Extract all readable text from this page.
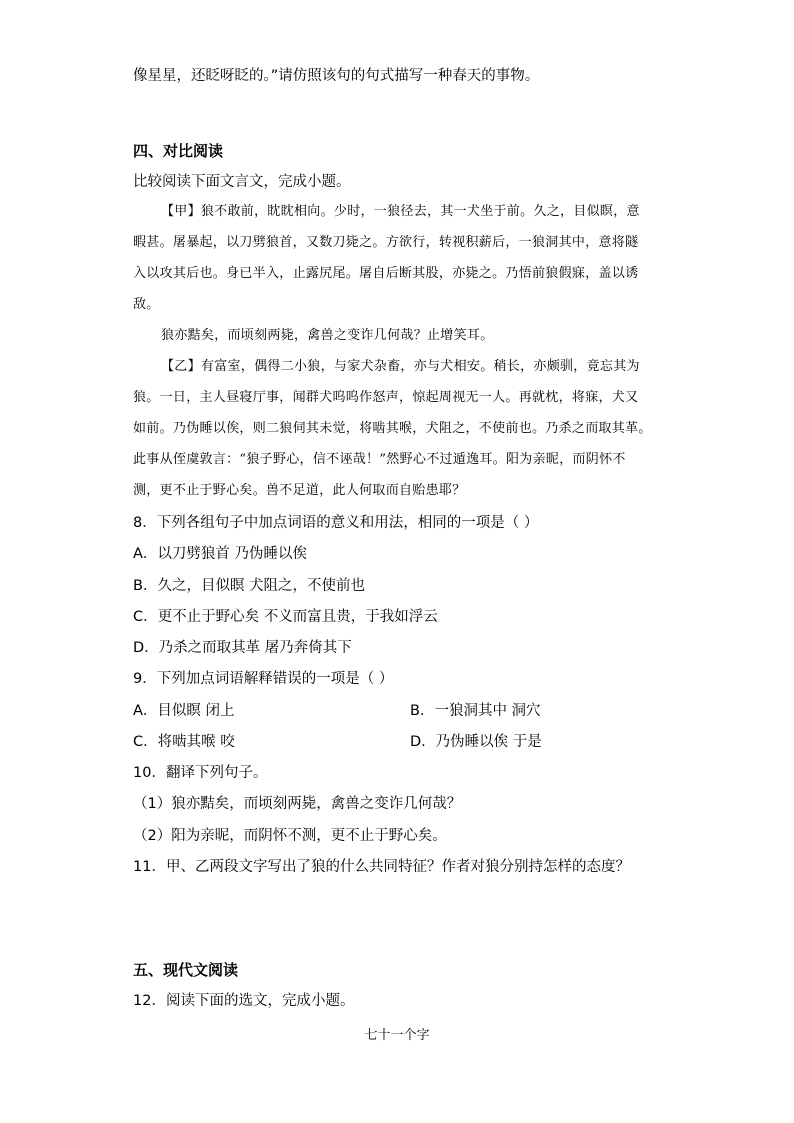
像星星，还眨呀眨的。”请仿照该句的句式描写一种春天的事物。
四、对比阅读
比较阅读下面文言文，完成小题。
【甲】狼不敢前，眈眈相向。少时，一狼径去，其一犬坐于前。久之，目似瞑，意
暇甚。屠暴起，以刀劈狼首，又数刀毙之。方欲行，转视积薪后，一狼洞其中，意将隧
入以攻其后也。身已半入，止露尻尾。屠自后断其股，亦毙之。乃悟前狼假寐，盖以诱
敌。
狼亦黠矣，而顷刻两毙，禽兽之变诈几何哉？止增笑耳。
【乙】有富室，偶得二小狼，与家犬杂畜，亦与犬相安。稍长，亦颇驯，竟忘其为
狼。一日，主人昼寝厅事，闻群犬呜呜作怒声，惊起周视无一人。再就枕，将寐，犬又
如前。乃伪睡以俟，则二狼伺其未觉，将啮其喉，犬阻之，不使前也。乃杀之而取其革。
此事从侄虞敦言：“狼子野心，信不诬哉！”然野心不过遁逸耳。阳为亲昵，而阴怀不
测，更不止于野心矣。兽不足道，此人何取而自贻患耶？
8．下列各组句子中加点词语的意义和用法，相同的一项是（ ）
A．以刀劈狼首 乃伪睡以俟
B．久之，目似瞑 犬阻之，不使前也
C．更不止于野心矣 不义而富且贵，于我如浮云
D．乃杀之而取其革 屠乃奔倚其下
9．下列加点词语解释错误的一项是（ ）
A．目似瞑 闭上	B．一狼洞其中 洞穴
C．将啮其喉 咬	D．乃伪睡以俟 于是
10．翻译下列句子。
（1）狼亦黠矣，而顷刻两毙，禽兽之变诈几何哉？
（2）阳为亲昵，而阴怀不测，更不止于野心矣。
11．甲、乙两段文字写出了狼的什么共同特征？作者对狼分别持怎样的态度？
五、现代文阅读
12．阅读下面的选文，完成小题。
七十一个字
